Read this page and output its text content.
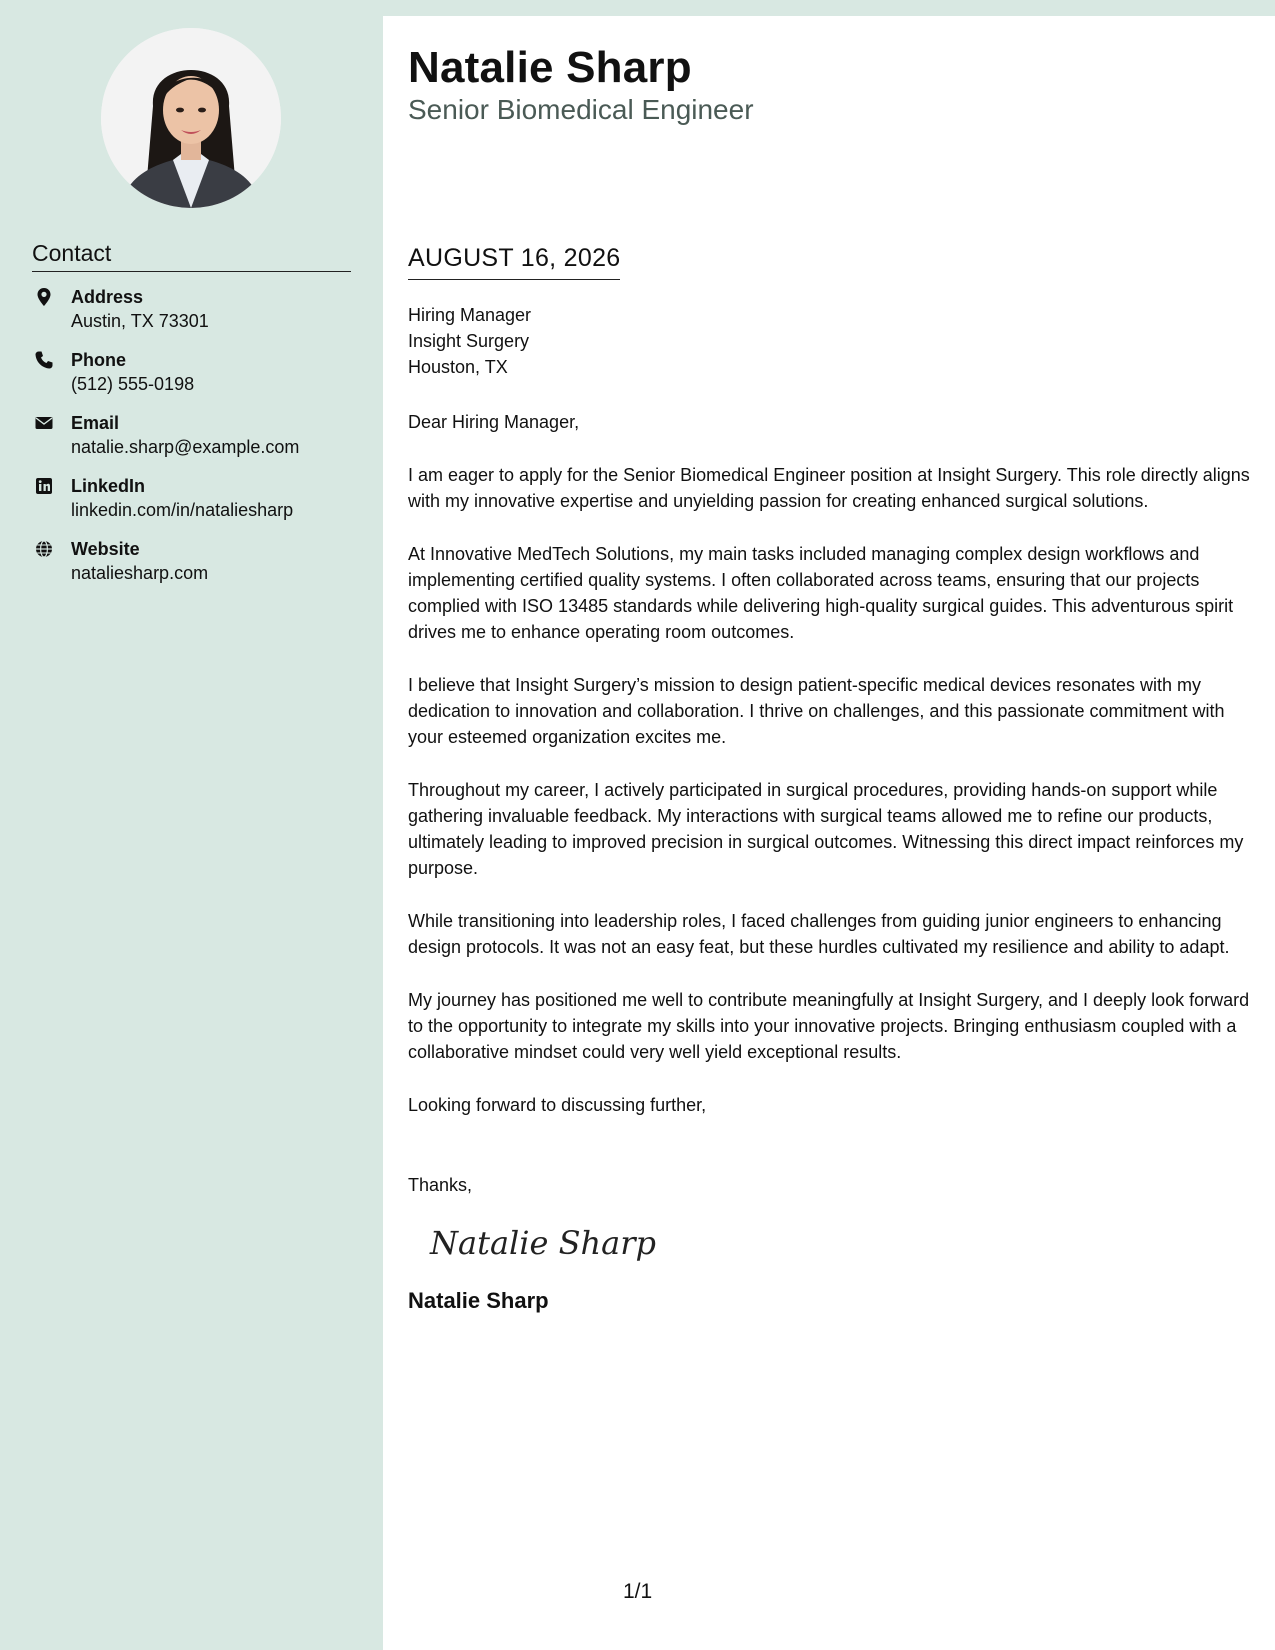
Contact
Address
Austin, TX 73301
Phone
(512) 555-0198
Email
natalie.sharp@example.com
LinkedIn
linkedin.com/in/nataliesharp
Website
nataliesharp.com
Natalie Sharp
Senior Biomedical Engineer
AUGUST 16, 2026
Hiring Manager
Insight Surgery
Houston, TX

Dear Hiring Manager,

I am eager to apply for the Senior Biomedical Engineer position at Insight Surgery. This role directly aligns with my innovative expertise and unyielding passion for creating enhanced surgical solutions.

At Innovative MedTech Solutions, my main tasks included managing complex design workflows and implementing certified quality systems. I often collaborated across teams, ensuring that our projects complied with ISO 13485 standards while delivering high-quality surgical guides. This adventurous spirit drives me to enhance operating room outcomes.

I believe that Insight Surgery’s mission to design patient-specific medical devices resonates with my dedication to innovation and collaboration. I thrive on challenges, and this passionate commitment with your esteemed organization excites me.

Throughout my career, I actively participated in surgical procedures, providing hands-on support while gathering invaluable feedback. My interactions with surgical teams allowed me to refine our products, ultimately leading to improved precision in surgical outcomes. Witnessing this direct impact reinforces my purpose.

While transitioning into leadership roles, I faced challenges from guiding junior engineers to enhancing design protocols. It was not an easy feat, but these hurdles cultivated my resilience and ability to adapt.

My journey has positioned me well to contribute meaningfully at Insight Surgery, and I deeply look forward to the opportunity to integrate my skills into your innovative projects. Bringing enthusiasm coupled with a collaborative mindset could very well yield exceptional results.

Looking forward to discussing further,

Thanks,

Natalie Sharp
Natalie Sharp
1/1
